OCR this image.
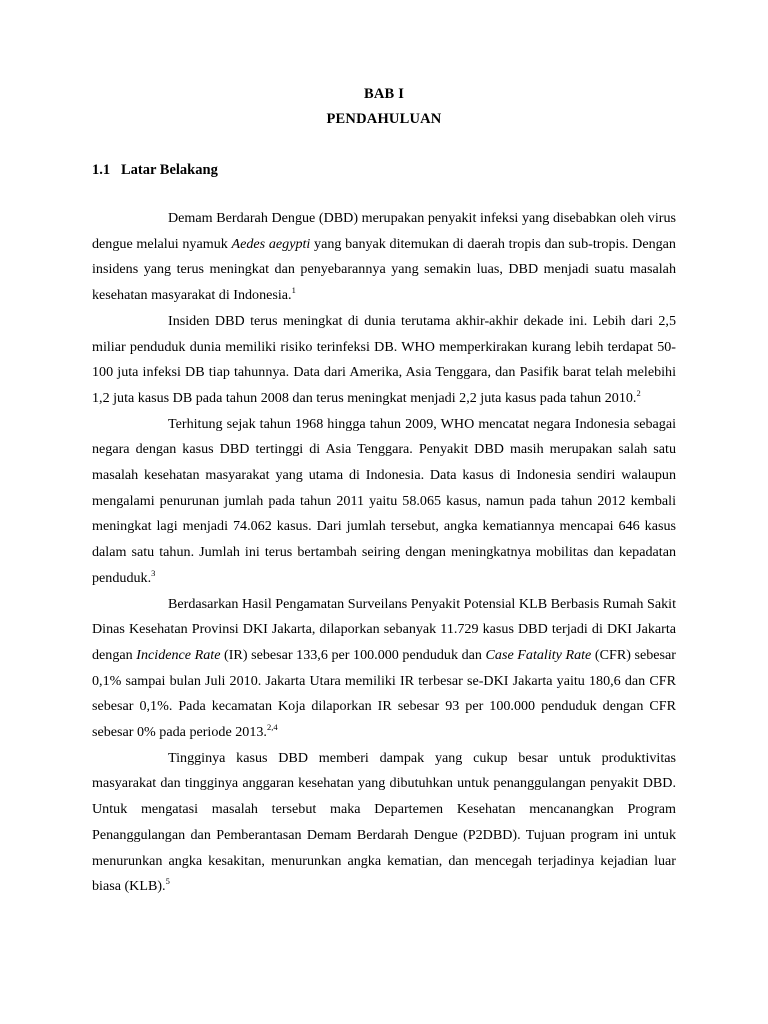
BAB I
PENDAHULUAN
1.1 Latar Belakang

Demam Berdarah Dengue (DBD) merupakan penyakit infeksi yang disebabkan oleh virus dengue melalui nyamuk Aedes aegypti yang banyak ditemukan di daerah tropis dan sub-tropis. Dengan insidens yang terus meningkat dan penyebarannya yang semakin luas, DBD menjadi suatu masalah kesehatan masyarakat di Indonesia.$^1$

Insiden DBD terus meningkat di dunia terutama akhir-akhir dekade ini. Lebih dari 2,5 miliar penduduk dunia memiliki risiko terinfeksi DB. WHO memperkirakan kurang lebih terdapat 50-100 juta infeksi DB tiap tahunnya. Data dari Amerika, Asia Tenggara, dan Pasifik barat telah melebihi 1,2 juta kasus DB pada tahun 2008 dan terus meningkat menjadi 2,2 juta kasus pada tahun 2010.$^2$

Terhitung sejak tahun 1968 hingga tahun 2009, WHO mencatat negara Indonesia sebagai negara dengan kasus DBD tertinggi di Asia Tenggara. Penyakit DBD masih merupakan salah satu masalah kesehatan masyarakat yang utama di Indonesia. Data kasus di Indonesia sendiri walaupun mengalami penurunan jumlah pada tahun 2011 yaitu 58.065 kasus, namun pada tahun 2012 kembali meningkat lagi menjadi 74.062 kasus. Dari jumlah tersebut, angka kematiannya mencapai 646 kasus dalam satu tahun. Jumlah ini terus bertambah seiring dengan meningkatnya mobilitas dan kepadatan penduduk.$^3$

Berdasarkan Hasil Pengamatan Surveilans Penyakit Potensial KLB Berbasis Rumah Sakit Dinas Kesehatan Provinsi DKI Jakarta, dilaporkan sebanyak 11.729 kasus DBD terjadi di DKI Jakarta dengan Incidence Rate (IR) sebesar 133,6 per 100.000 penduduk dan Case Fatality Rate (CFR) sebesar 0,1% sampai bulan Juli 2010. Jakarta Utara memiliki IR terbesar se-DKI Jakarta yaitu 180,6 dan CFR sebesar 0,1%. Pada kecamatan Koja dilaporkan IR sebesar 93 per 100.000 penduduk dengan CFR sebesar 0% pada periode 2013.$^{2,4}$

Tingginya kasus DBD memberi dampak yang cukup besar untuk produktivitas masyarakat dan tingginya anggaran kesehatan yang dibutuhkan untuk penanggulangan penyakit DBD. Untuk mengatasi masalah tersebut maka Departemen Kesehatan mencanangkan Program Penanggulangan dan Pemberantasan Demam Berdarah Dengue (P2DBD). Tujuan program ini untuk menurunkan angka kesakitan, menurunkan angka kematian, dan mencegah terjadinya kejadian luar biasa (KLB).$^5$
